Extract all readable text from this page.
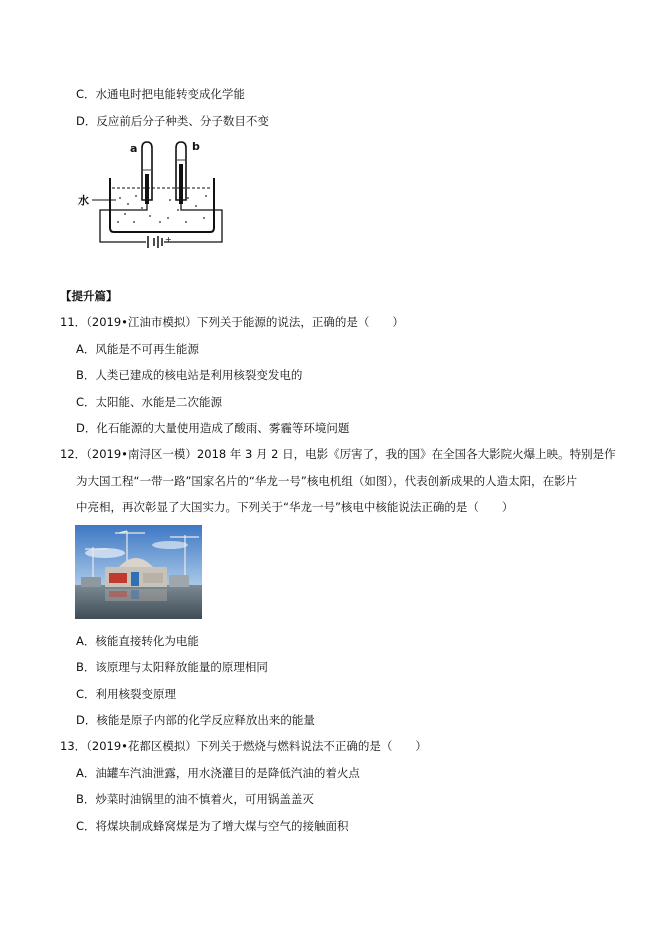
C．水通电时把电能转变成化学能
D．反应前后分子种类、分子数目不变
+
a	b
水
【提升篇】
11．（2019•江油市模拟）下列关于能源的说法，正确的是（　　）
A．风能是不可再生能源
B．人类已建成的核电站是利用核裂变发电的
C．太阳能、水能是二次能源
D．化石能源的大量使用造成了酸雨、雾霾等环境问题
12．（2019•南浔区一模）2018 年 3 月 2 日，电影《厉害了，我的国》在全国各大影院火爆上映。特别是作
为大国工程“一带一路”国家名片的“华龙一号”核电机组（如图），代表创新成果的人造太阳，在影片
中亮相，再次彰显了大国实力。下列关于“华龙一号”核电中核能说法正确的是（　　）
A．核能直接转化为电能
B．该原理与太阳释放能量的原理相同
C．利用核裂变原理
D．核能是原子内部的化学反应释放出来的能量
13．（2019•花都区模拟）下列关于燃烧与燃料说法不正确的是（　　）
A．油罐车汽油泄露，用水浇灌目的是降低汽油的着火点
B．炒菜时油锅里的油不慎着火，可用锅盖盖灭
C．将煤块制成蜂窝煤是为了增大煤与空气的接触面积
